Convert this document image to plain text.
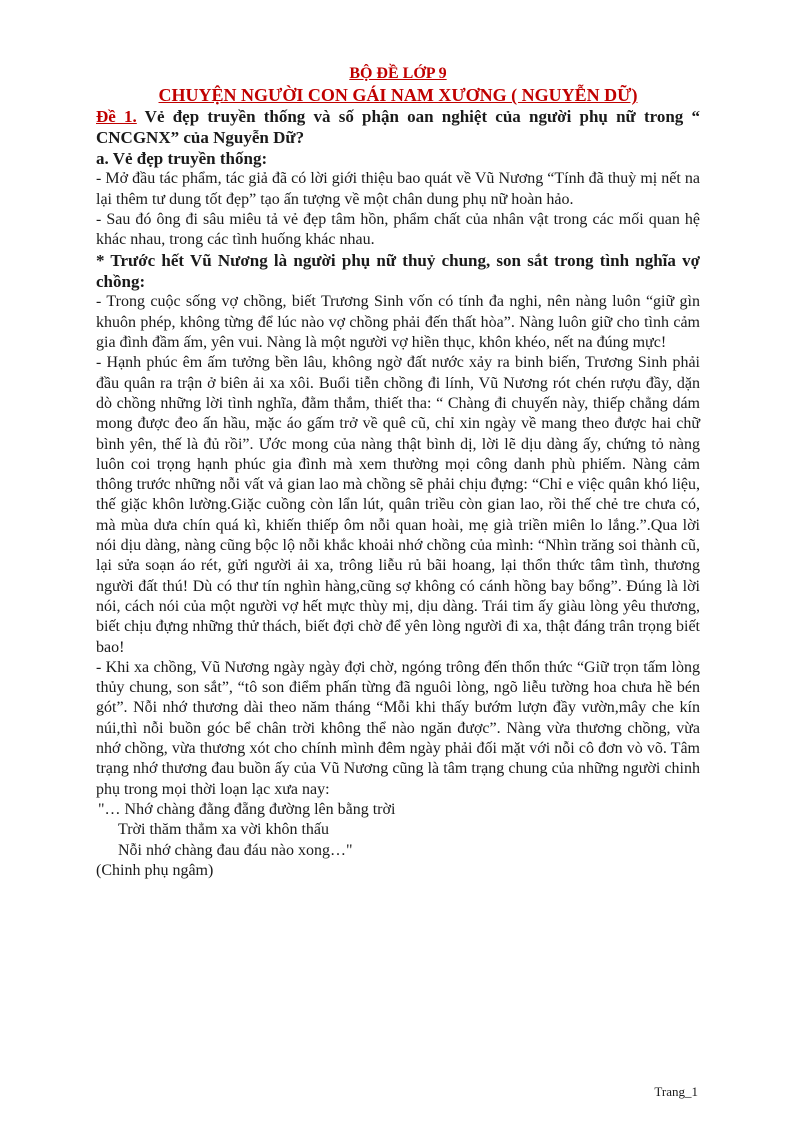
BỘ ĐỀ LỚP 9
CHUYỆN NGƯỜI CON GÁI NAM XƯƠNG ( NGUYỄN DỮ)

Đề 1. Vẻ đẹp truyền thống và số phận oan nghiệt của người phụ nữ trong “ CNCGNX” của Nguyễn Dữ?

a. Vẻ đẹp truyền thống:

- Mở đầu tác phẩm, tác giả đã có lời giới thiệu bao quát về Vũ Nương “Tính đã thuỳ mị nết na lại thêm tư dung tốt đẹp” tạo ấn tượng về một chân dung phụ nữ hoàn hảo.

- Sau đó ông đi sâu miêu tả vẻ đẹp tâm hồn, phẩm chất của nhân vật trong các mối quan hệ khác nhau, trong các tình huống khác nhau.

* Trước hết Vũ Nương là người phụ nữ thuỷ chung, son sắt trong tình nghĩa vợ chồng:

- Trong cuộc sống vợ chồng, biết Trương Sinh vốn có tính đa nghi, nên nàng luôn “giữ gìn khuôn phép, không từng để lúc nào vợ chồng phải đến thất hòa”. Nàng luôn giữ cho tình cảm gia đình đầm ấm, yên vui. Nàng là một người vợ hiền thục, khôn khéo, nết na đúng mực!

- Hạnh phúc êm ấm tưởng bền lâu, không ngờ đất nước xảy ra binh biến, Trương Sinh phải đầu quân ra trận ở biên ải xa xôi. Buổi tiễn chồng đi lính, Vũ Nương rót chén rượu đầy, dặn dò chồng những lời tình nghĩa, đằm thắm, thiết tha: “ Chàng đi chuyến này, thiếp chẳng dám mong được đeo ấn hầu, mặc áo gấm trở về quê cũ, chỉ xin ngày về mang theo được hai chữ bình yên, thế là đủ rồi”. Ước mong của nàng thật bình dị, lời lẽ dịu dàng ấy, chứng tỏ nàng luôn coi trọng hạnh phúc gia đình mà xem thường mọi công danh phù phiếm. Nàng cảm thông trước những nỗi vất vả gian lao mà chồng sẽ phải chịu đựng: “Chỉ e việc quân khó liệu, thế giặc khôn lường.Giặc cuồng còn lẩn lút, quân triều còn gian lao, rồi thế chẻ tre chưa có, mà mùa dưa chín quá kì, khiến thiếp ôm nỗi quan hoài, mẹ già triền miên lo lắng.”.Qua lời nói dịu dàng, nàng cũng bộc lộ nỗi khắc khoải nhớ chồng của mình: “Nhìn trăng soi thành cũ, lại sửa soạn áo rét, gửi người ải xa, trông liễu rủ bãi hoang, lại thổn thức tâm tình, thương người đất thú! Dù có thư tín nghìn hàng,cũng sợ không có cánh hồng bay bổng”. Đúng là lời nói, cách nói của một người vợ hết mực thùy mị, dịu dàng. Trái tim ấy giàu lòng yêu thương, biết chịu đựng những thử thách, biết đợi chờ để yên lòng người đi xa, thật đáng trân trọng biết bao!

- Khi xa chồng, Vũ Nương ngày ngày đợi chờ, ngóng trông đến thổn thức “Giữ trọn tấm lòng thủy chung, son sắt”, “tô son điểm phấn từng đã nguôi lòng, ngõ liễu tường hoa chưa hề bén gót”. Nỗi nhớ thương dài theo năm tháng “Mỗi khi thấy bướm lượn đầy vườn,mây che kín núi,thì nỗi buồn góc bể chân trời không thể nào ngăn được”. Nàng vừa thương chồng, vừa nhớ chồng, vừa thương xót cho chính mình đêm ngày phải đối mặt với nỗi cô đơn vò võ. Tâm trạng nhớ thương đau buồn ấy của Vũ Nương cũng là tâm trạng chung của những người chinh phụ trong mọi thời loạn lạc xưa nay:

"… Nhớ chàng đằng đẵng đường lên bằng trời
Trời thăm thẳm xa vời khôn thấu
Nỗi nhớ chàng đau đáu nào xong…"
(Chinh phụ ngâm)
Trang_1
